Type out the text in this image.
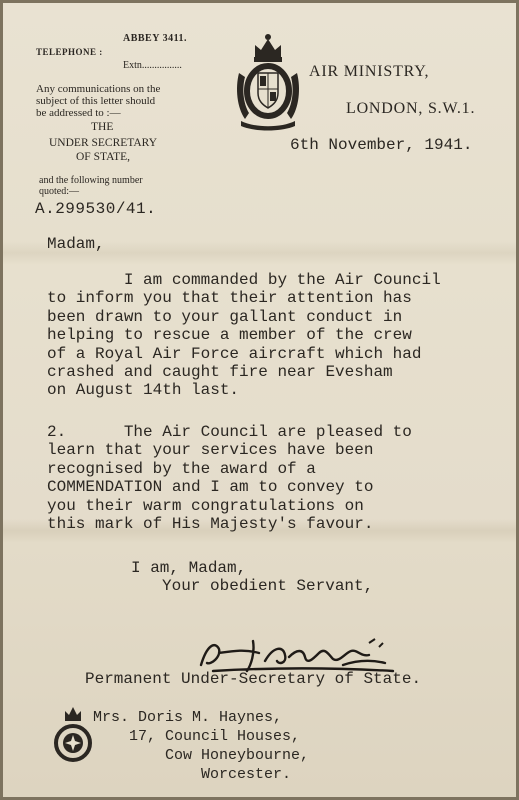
TELEPHONE :
ABBEY 3411.
Extn................
Any communications on the
subject of this letter should
be addressed to :—
THE
UNDER SECRETARY
OF STATE,
and the following number
quoted:—
A.299530/41.
AIR MINISTRY,
LONDON, S.W.1.
6th November, 1941.
Madam,
I am commanded by the Air Council
to inform you that their attention has
been drawn to your gallant conduct in
helping to rescue a member of the crew
of a Royal Air Force aircraft which had
crashed and caught fire near Evesham
on August 14th last.
2.      The Air Council are pleased to
learn that your services have been
recognised by the award of a
COMMENDATION and I am to convey to
you their warm congratulations on
this mark of His Majesty's favour.
I am, Madam,
Your obedient Servant,
Permanent Under-Secretary of State.
Mrs. Doris M. Haynes,
17, Council Houses,
Cow Honeybourne,
Worcester.
